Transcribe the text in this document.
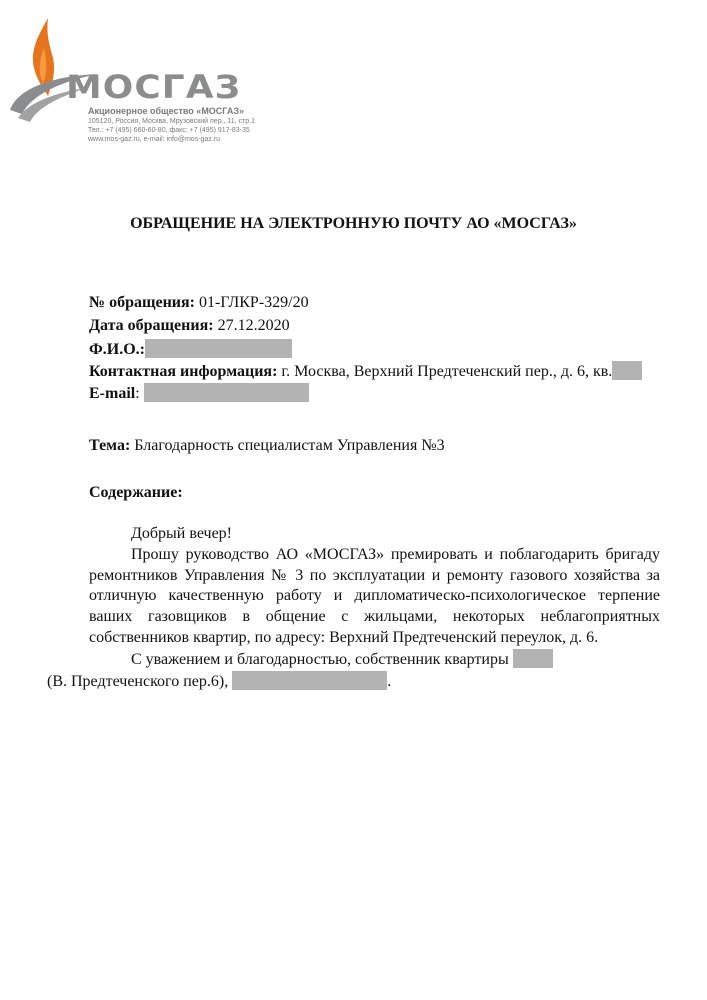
МОСГАЗ
Акционерное общество «МОСГАЗ»
105120, Россия, Москва, Мрузовский пер., 11, стр.1
Тел.: +7 (495) 660-60-80, факс: +7 (495) 917-83-35
www.mos-gaz.ru, e-mail: info@mos-gaz.ru
ОБРАЩЕНИЕ НА ЭЛЕКТРОННУЮ ПОЧТУ АО «МОСГАЗ»
№ обращения: 01-ГЛКР-329/20
Дата обращения: 27.12.2020
Ф.И.О.:
Контактная информация: г. Москва, Верхний Предтеченский пер., д. 6, кв.
E-mail:
Тема: Благодарность специалистам Управления №3
Содержание:

Добрый вечер!

Прошу руководство АО «МОСГАЗ» премировать и поблагодарить бригаду ремонтников Управления № 3 по эксплуатации и ремонту газового хозяйства за отличную качественную работу и дипломатическо-психологическое терпение ваших газовщиков в общение с жильцами, некоторых неблагоприятных собственников квартир, по адресу: Верхний Предтеченский переулок, д. 6.

С уважением и благодарностью, собственник квартиры
(В. Предтеченского пер.6),	.
